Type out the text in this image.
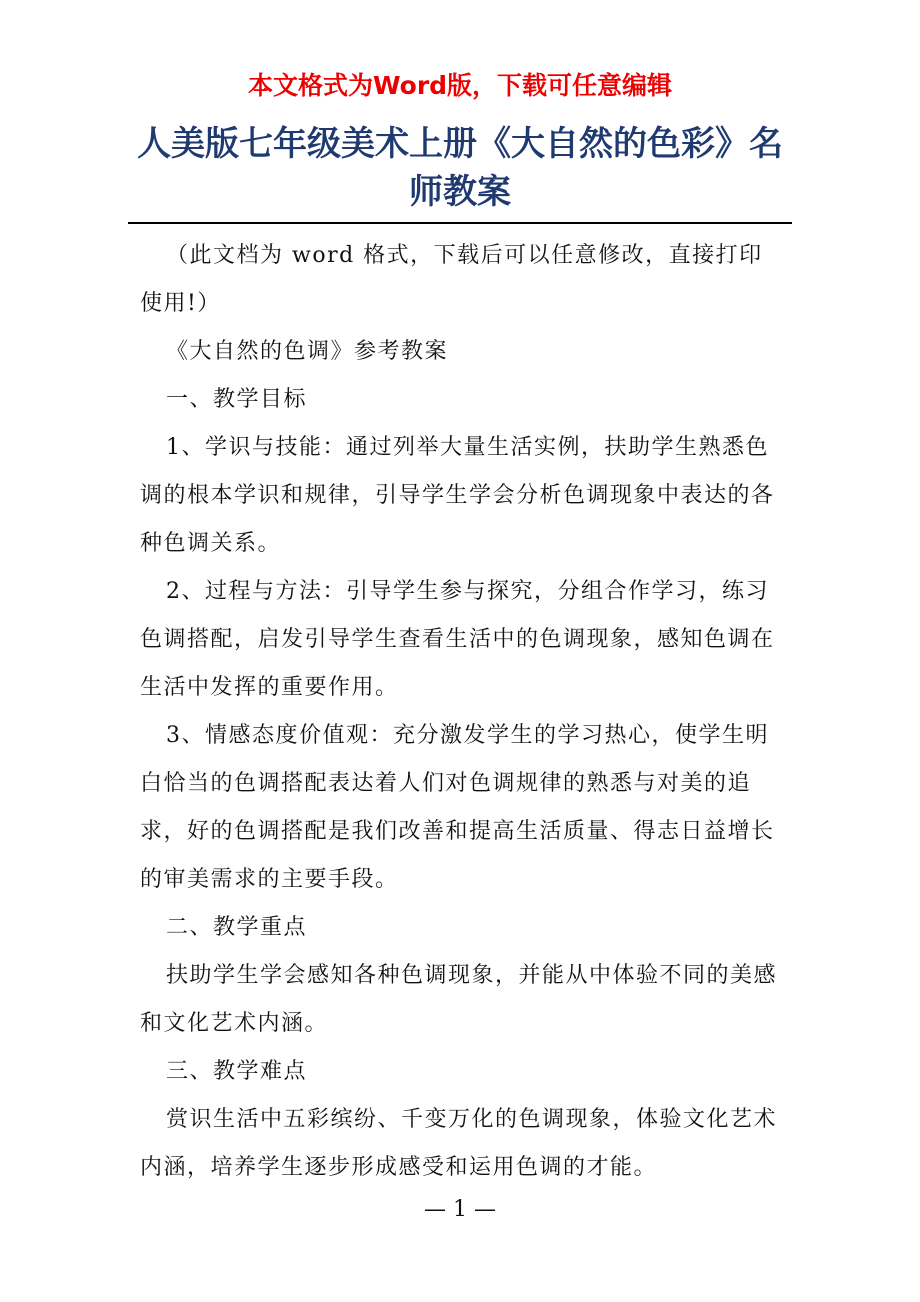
本文格式为Word版，下载可任意编辑
人美版七年级美术上册《大自然的色彩》名师教案

（此文档为 word 格式，下载后可以任意修改，直接打印使用!）

《大自然的色调》参考教案

一、教学目标

1、学识与技能：通过列举大量生活实例，扶助学生熟悉色调的根本学识和规律，引导学生学会分析色调现象中表达的各种色调关系。

2、过程与方法：引导学生参与探究，分组合作学习，练习色调搭配，启发引导学生查看生活中的色调现象，感知色调在生活中发挥的重要作用。

3、情感态度价值观：充分激发学生的学习热心，使学生明白恰当的色调搭配表达着人们对色调规律的熟悉与对美的追求，好的色调搭配是我们改善和提高生活质量、得志日益增长的审美需求的主要手段。

二、教学重点

扶助学生学会感知各种色调现象，并能从中体验不同的美感和文化艺术内涵。

三、教学难点

赏识生活中五彩缤纷、千变万化的色调现象，体验文化艺术内涵，培养学生逐步形成感受和运用色调的才能。

— 1 —
